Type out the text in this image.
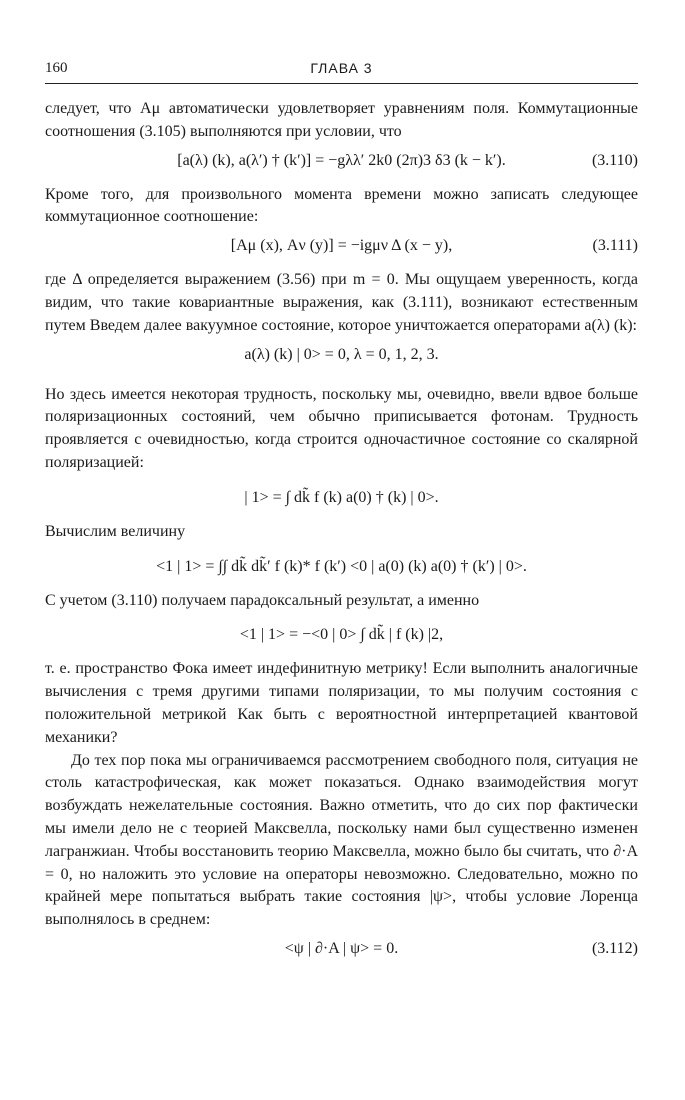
160	ГЛАВА 3

следует, что Aμ автоматически удовлетворяет уравнениям поля. Коммутационные соотношения (3.105) выполняются при условии, что

[a(λ) (k), a(λ′) † (k′)] = −gλλ′ 2k0 (2π)3 δ3 (k − k′).	(3.110)

Кроме того, для произвольного момента времени можно записать следующее коммутационное соотношение:

[Aμ (x), Aν (y)] = −igμν Δ (x − y),	(3.111)

где Δ определяется выражением (3.56) при m = 0. Мы ощущаем уверенность, когда видим, что такие ковариантные выражения, как (3.111), возникают естественным путем Введем далее вакуумное состояние, которое уничтожается операторами a(λ) (k):

a(λ) (k) | 0> = 0, λ = 0, 1, 2, 3.

Но здесь имеется некоторая трудность, поскольку мы, очевидно, ввели вдвое больше поляризационных состояний, чем обычно приписывается фотонам. Трудность проявляется с очевидностью, когда строится одночастичное состояние со скалярной поляризацией:

| 1> = ∫ dk̃ f (k) a(0) † (k) | 0>.

Вычислим величину

<1 | 1> = ∫∫ dk̃ dk̃′ f (k)* f (k′) <0 | a(0) (k) a(0) † (k′) | 0>.

С учетом (3.110) получаем парадоксальный результат, а именно

<1 | 1> = −<0 | 0> ∫ dk̃ | f (k) |2,

т. е. пространство Фока имеет индефинитную метрику! Если выполнить аналогичные вычисления с тремя другими типами поляризации, то мы получим состояния с положительной метрикой Как быть с вероятностной интерпретацией квантовой механики?

До тех пор пока мы ограничиваемся рассмотрением свободного поля, ситуация не столь катастрофическая, как может показаться. Однако взаимодействия могут возбуждать нежелательные состояния. Важно отметить, что до сих пор фактически мы имели дело не с теорией Максвелла, поскольку нами был существенно изменен лагранжиан. Чтобы восстановить теорию Максвелла, можно было бы считать, что ∂·A = 0, но наложить это условие на операторы невозможно. Следовательно, можно по крайней мере попытаться выбрать такие состояния |ψ>, чтобы условие Лоренца выполнялось в среднем:

<ψ | ∂·A | ψ> = 0.	(3.112)
